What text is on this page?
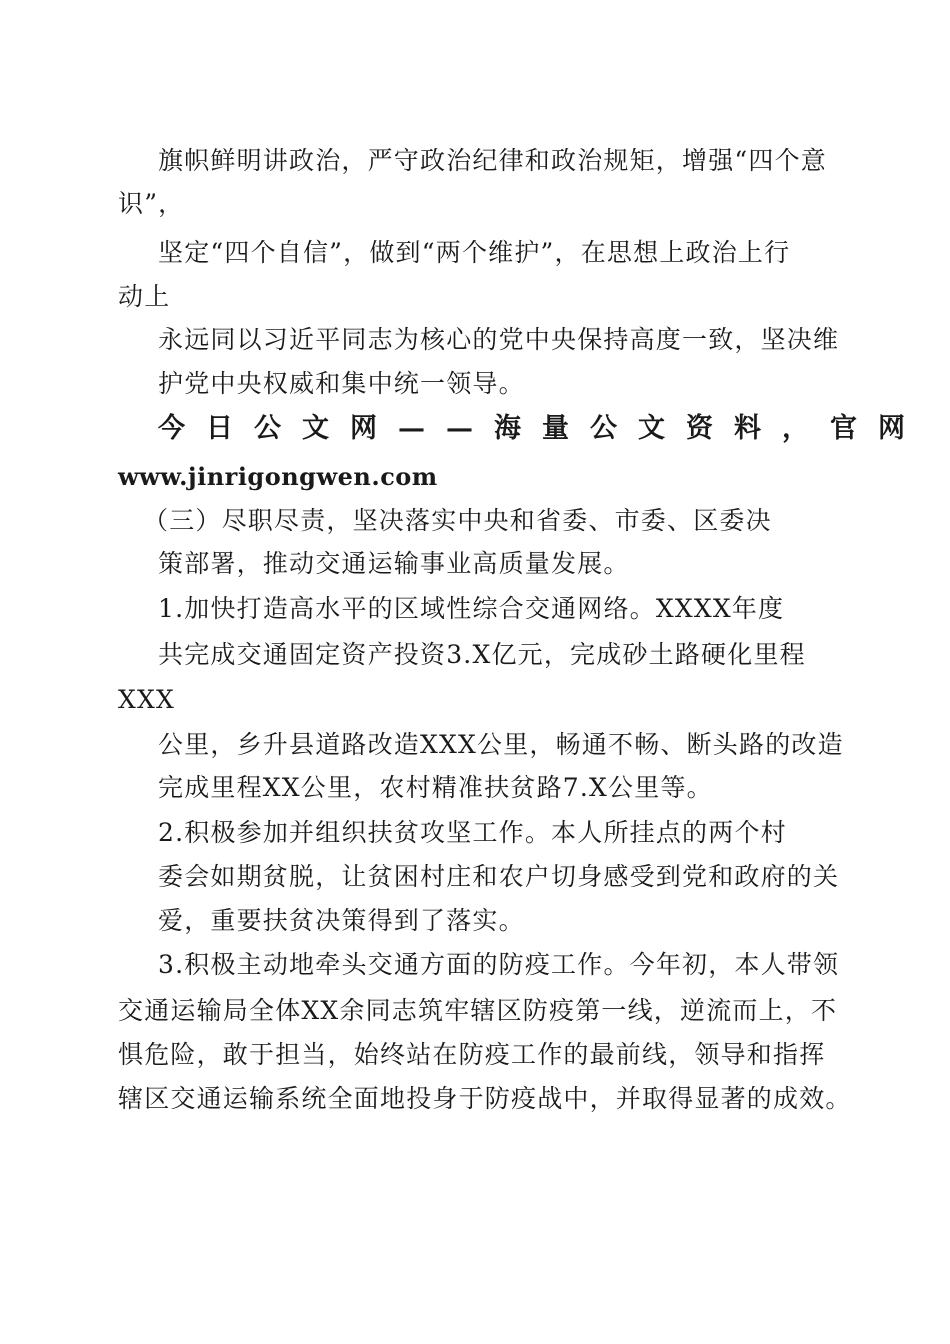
旗帜鲜明讲政治，严守政治纪律和政治规矩，增强“四个意
识”，
坚定“四个自信”，做到“两个维护”，在思想上政治上行
动上
永远同以习近平同志为核心的党中央保持高度一致，坚决维
护党中央权威和集中统一领导。
今日公文网——海量公文资料，官网
www.jinrigongwen.com
（三）尽职尽责，坚决落实中央和省委、市委、区委决
策部署，推动交通运输事业高质量发展。
1.加快打造高水平的区域性综合交通网络。XXXX年度
共完成交通固定资产投资3.X亿元，完成砂土路硬化里程
XXX
公里，乡升县道路改造XXX公里，畅通不畅、断头路的改造
完成里程XX公里，农村精准扶贫路7.X公里等。
2.积极参加并组织扶贫攻坚工作。本人所挂点的两个村
委会如期贫脱，让贫困村庄和农户切身感受到党和政府的关
爱，重要扶贫决策得到了落实。
3.积极主动地牵头交通方面的防疫工作。今年初，本人带领
交通运输局全体XX余同志筑牢辖区防疫第一线，逆流而上，不
惧危险，敢于担当，始终站在防疫工作的最前线，领导和指挥
辖区交通运输系统全面地投身于防疫战中，并取得显著的成效。
